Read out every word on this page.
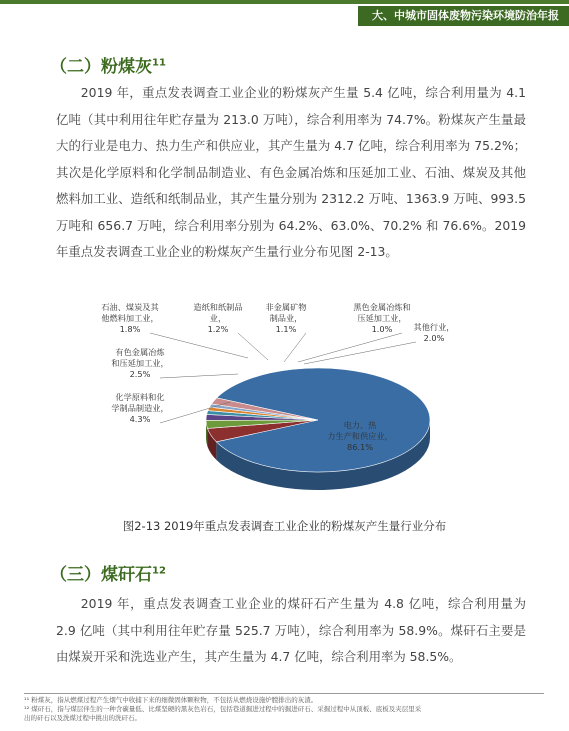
大、中城市固体废物污染环境防治年报
（二）粉煤灰$^{11}$

2019 年，重点发表调查工业企业的粉煤灰产生量 5.4 亿吨，综合利用量为 4.1 亿吨（其中利用往年贮存量为 213.0 万吨），综合利用率为 74.7%。粉煤灰产生量最大的行业是电力、热力生产和供应业，其产生量为 4.7 亿吨，综合利用率为 75.2%；其次是化学原料和化学制品制造业、有色金属冶炼和压延加工业、石油、煤炭及其他燃料加工业、造纸和纸制品业，其产生量分别为 2312.2 万吨、1363.9 万吨、993.5 万吨和 656.7 万吨，综合利用率分别为 64.2%、63.0%、70.2% 和 76.6%。2019 年重点发表调查工业企业的粉煤灰产生量行业分布见图 2-13。

电力、热力生产和供应业， 86.1%
化学原料和化学制品制造业， 4.3%
有色金属冶炼和压延加工业， 2.5%
石油、煤炭及其他燃料加工业， 1.8%
造纸和纸制品业， 1.2%
非金属矿物制品业， 1.1%
黑色金属冶炼和压延加工业， 1.0%	其他行业， 2.0%
图2-13 2019年重点发表调查工业企业的粉煤灰产生量行业分布
（三）煤矸石$^{12}$

2019 年，重点发表调查工业企业的煤矸石产生量为 4.8 亿吨，综合利用量为 2.9 亿吨（其中利用往年贮存量 525.7 万吨），综合利用率为 58.9%。煤矸石主要是由煤炭开采和洗选业产生，其产生量为 4.7 亿吨，综合利用率为 58.5%。

¹¹ 粉煤灰，指从燃煤过程产生烟气中收捕下来的细微固体颗粒物，不包括从燃烧设施炉膛排出的灰渣。
¹² 煤矸石，指与煤层伴生的一种含碳量低、比煤坚硬的黑灰色岩石，包括巷道掘进过程中的掘进矸石、采掘过程中从顶板、底板及夹层里采
出的矸石以及洗煤过程中挑出的洗矸石。
